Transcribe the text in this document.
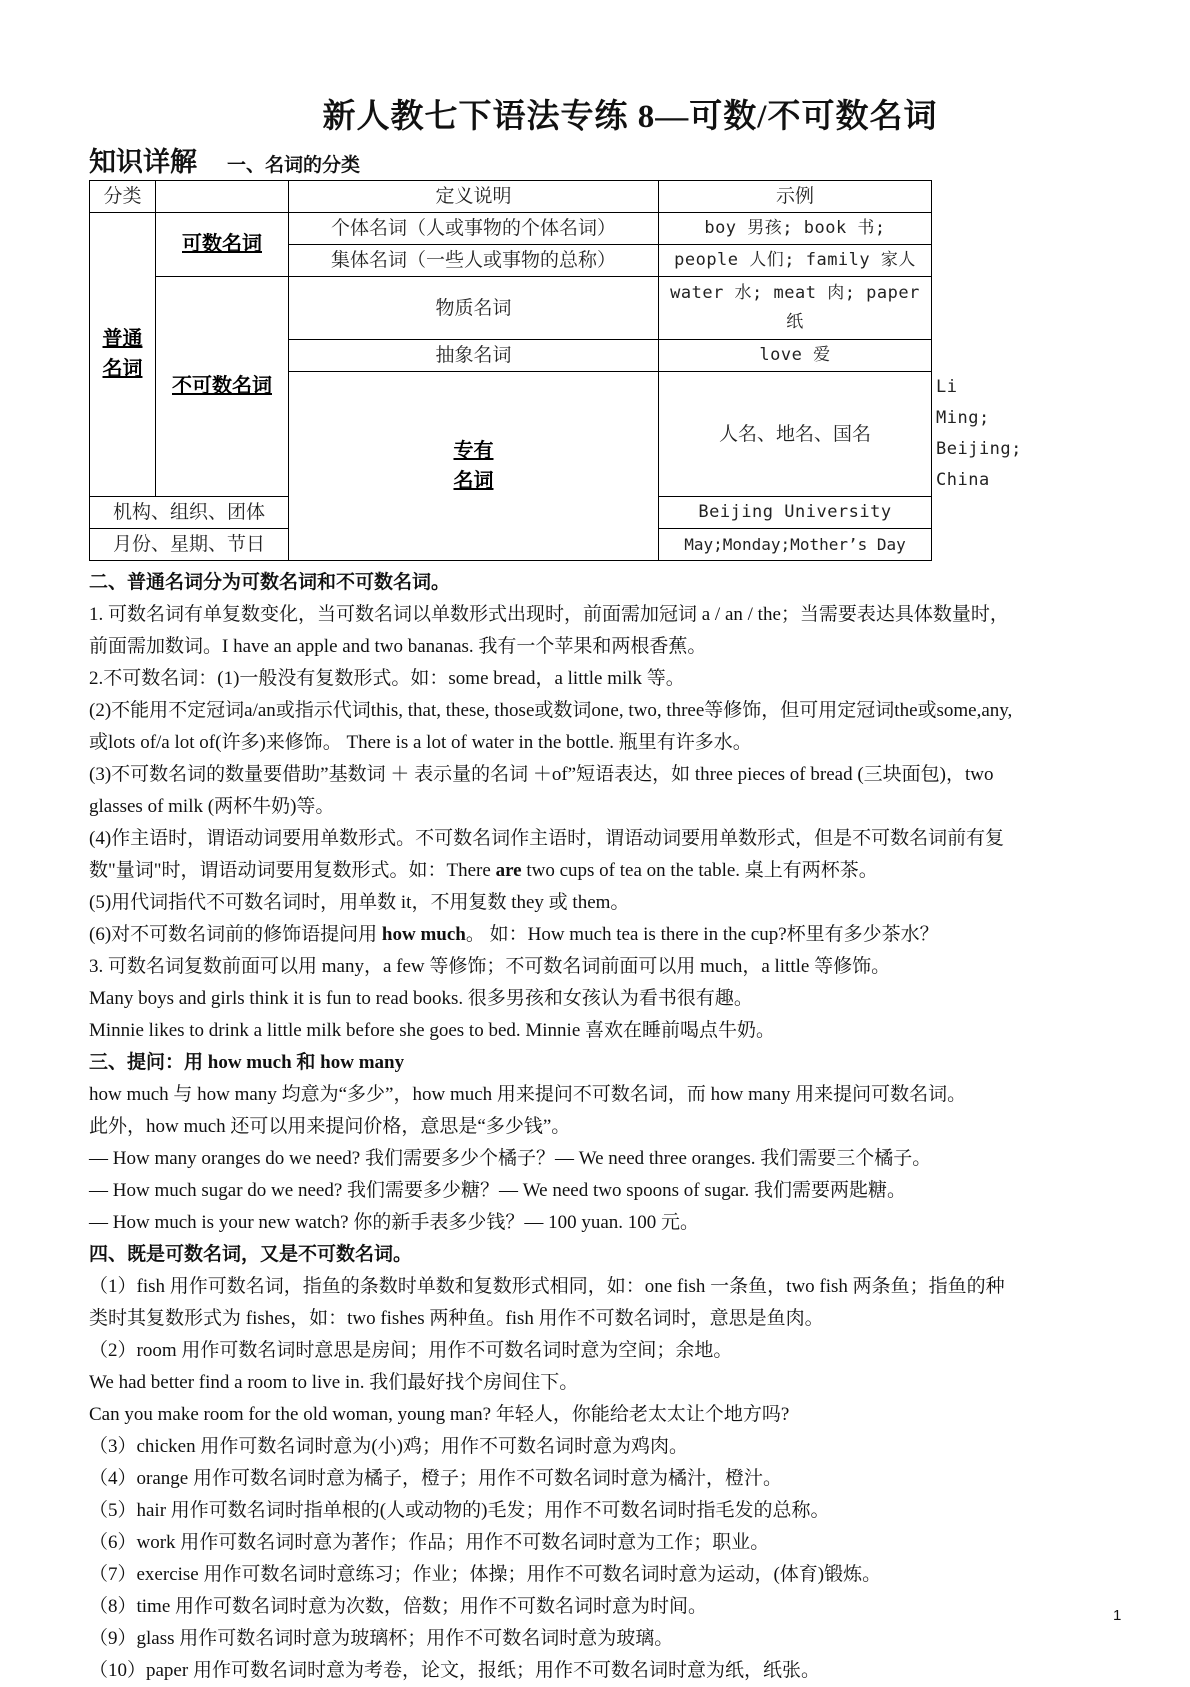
新人教七下语法专练 8—可数/不可数名词
知识详解 一、名词的分类
分类		定义说明	示例	
普通名词	可数名词	个体名词（人或事物的个体名词）	boy 男孩; book 书;	
		集体名词（一些人或事物的总称）	people 人们; family 家人	
	不可数名词	物质名词	water 水; meat 肉; paper 纸	
		抽象名词	love 爱	
		专有名词	人名、地名、国名	Li Ming; Beijing; China
机构、组织、团体			Beijing University	
月份、星期、节日			May;Monday;Mother’s Day	
二、普通名词分为可数名词和不可数名词。

1. 可数名词有单复数变化，当可数名词以单数形式出现时，前面需加冠词 a / an / the；当需要表达具体数量时，

前面需加数词。I have an apple and two bananas. 我有一个苹果和两根香蕉。

2.不可数名词：(1)一般没有复数形式。如：some bread，a little milk 等。

(2)不能用不定冠词a/an或指示代词this, that, these, those或数词one, two, three等修饰，但可用定冠词the或some,any,

或lots of/a lot of(许多)来修饰。 There is a lot of water in the bottle. 瓶里有许多水。

(3)不可数名词的数量要借助”基数词 ＋ 表示量的名词 ＋of”短语表达，如 three pieces of bread (三块面包)，two

glasses of milk (两杯牛奶)等。

(4)作主语时，谓语动词要用单数形式。不可数名词作主语时，谓语动词要用单数形式，但是不可数名词前有复

数"量词"时，谓语动词要用复数形式。如：There are two cups of tea on the table. 桌上有两杯茶。

(5)用代词指代不可数名词时，用单数 it，不用复数 they 或 them。

(6)对不可数名词前的修饰语提问用 how much。 如：How much tea is there in the cup?杯里有多少茶水？

3. 可数名词复数前面可以用 many，a few 等修饰；不可数名词前面可以用 much，a little 等修饰。

Many boys and girls think it is fun to read books. 很多男孩和女孩认为看书很有趣。

Minnie likes to drink a little milk before she goes to bed. Minnie 喜欢在睡前喝点牛奶。

三、提问：用 how much 和 how many

how much 与 how many 均意为“多少”，how much 用来提问不可数名词，而 how many 用来提问可数名词。

此外，how much 还可以用来提问价格，意思是“多少钱”。

— How many oranges do we need? 我们需要多少个橘子？— We need three oranges. 我们需要三个橘子。

— How much sugar do we need? 我们需要多少糖？— We need two spoons of sugar. 我们需要两匙糖。

— How much is your new watch? 你的新手表多少钱？— 100 yuan. 100 元。

四、既是可数名词，又是不可数名词。

（1）fish 用作可数名词，指鱼的条数时单数和复数形式相同，如：one fish 一条鱼，two fish 两条鱼；指鱼的种

类时其复数形式为 fishes，如：two fishes 两种鱼。fish 用作不可数名词时，意思是鱼肉。

（2）room 用作可数名词时意思是房间；用作不可数名词时意为空间；余地。

We had better find a room to live in. 我们最好找个房间住下。

Can you make room for the old woman, young man? 年轻人，你能给老太太让个地方吗?

（3）chicken 用作可数名词时意为(小)鸡；用作不可数名词时意为鸡肉。

（4）orange 用作可数名词时意为橘子，橙子；用作不可数名词时意为橘汁，橙汁。

（5）hair 用作可数名词时指单根的(人或动物的)毛发；用作不可数名词时指毛发的总称。

（6）work 用作可数名词时意为著作；作品；用作不可数名词时意为工作；职业。

（7）exercise 用作可数名词时意练习；作业；体操；用作不可数名词时意为运动，(体育)锻炼。

（8）time 用作可数名词时意为次数，倍数；用作不可数名词时意为时间。

（9）glass 用作可数名词时意为玻璃杯；用作不可数名词时意为玻璃。

（10）paper 用作可数名词时意为考卷，论文，报纸；用作不可数名词时意为纸，纸张。

1
